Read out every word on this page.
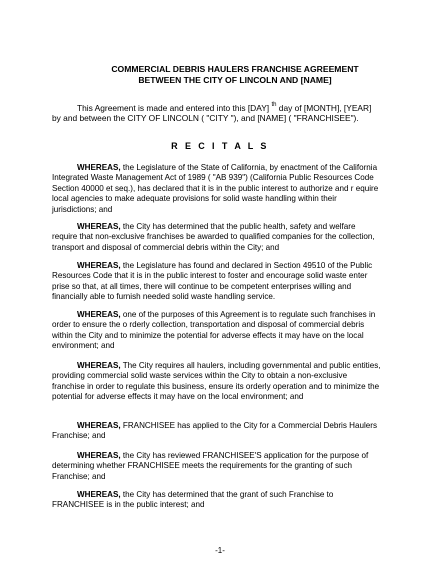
COMMERCIAL DEBRIS HAULERS FRANCHISE AGREEMENT
BETWEEN THE CITY OF LINCOLN AND [NAME]
This Agreement is made and entered into this [DAY] $^{th}$ day of [MONTH], [YEAR] by and between the CITY OF LINCOLN ( "CITY "), and [NAME] ( "FRANCHISEE").
R E C I T A L S
WHEREAS, the Legislature of the State of California, by enactment of the California Integrated Waste Management Act of 1989 ( "AB 939") (California Public Resources Code Section 40000 et seq.), has declared that it is in the public interest to authorize and r equire local agencies to make adequate provisions for solid waste handling within their jurisdictions; and
WHEREAS, the City has determined that the public health, safety and welfare require that non-exclusive franchises be awarded to qualified companies for the collection, transport and disposal of commercial debris within the City; and
WHEREAS, the Legislature has found and declared in Section 49510 of the Public Resources Code that it is in the public interest to foster and encourage solid waste enter prise so that, at all times, there will continue to be competent enterprises willing and financially able to furnish needed solid waste handling service.
WHEREAS, one of the purposes of this Agreement is to regulate such franchises in order to ensure the o rderly collection, transportation and disposal of commercial debris within the City and to minimize the potential for adverse effects it may have on the local environment; and
WHEREAS, The City requires all haulers, including governmental and public entities, providing commercial solid waste services within the City to obtain a non-exclusive franchise in order to regulate this business, ensure its orderly operation and to minimize the potential for adverse effects it may have on the local environment; and
WHEREAS, FRANCHISEE has applied to the City for a Commercial Debris Haulers Franchise; and
WHEREAS, the City has reviewed FRANCHISEE'S application for the purpose of determining whether FRANCHISEE meets the requirements for the granting of such Franchise; and
WHEREAS, the City has determined that the grant of such Franchise to FRANCHISEE is in the public interest; and
-1-
